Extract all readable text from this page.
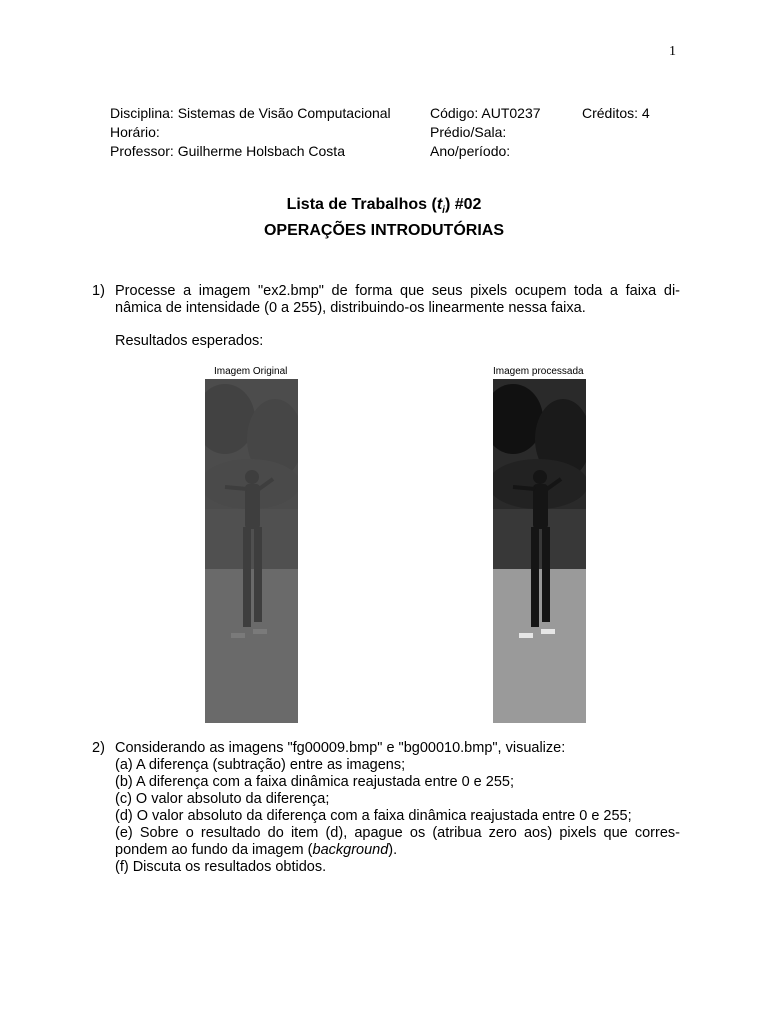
1
Disciplina: Sistemas de Visão Computacional	Código: AUT0237	Créditos: 4
Horário:	Prédio/Sala:
Professor: Guilherme Holsbach Costa	Ano/período:
Lista de Trabalhos $(t_i)$ #02
OPERAÇÕES INTRODUTÓRIAS
1) Processe a imagem "ex2.bmp" de forma que seus pixels ocupem toda a faixa di-
nâmica de intensidade (0 a 255), distribuindo-os linearmente nessa faixa.
Resultados esperados:
Imagem Original	Imagem processada
2) Considerando as imagens "fg00009.bmp" e "bg00010.bmp", visualize:
(a) A diferença (subtração) entre as imagens;
(b) A diferença com a faixa dinâmica reajustada entre 0 e 255;
(c) O valor absoluto da diferença;
(d) O valor absoluto da diferença com a faixa dinâmica reajustada entre 0 e 255;
(e) Sobre o resultado do item (d), apague os (atribua zero aos) pixels que corres-
pondem ao fundo da imagem (background).
(f) Discuta os resultados obtidos.
